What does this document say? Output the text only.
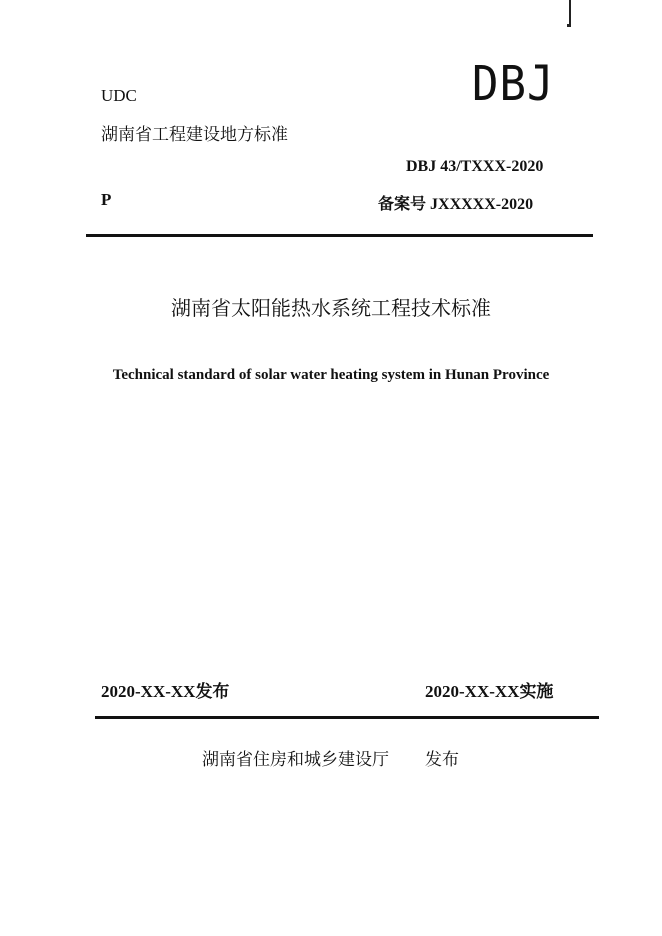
UDC	DBJ
湖南省工程建设地方标准
DBJ 43/TXXX-2020
P	备案号 JXXXXX-2020
湖南省太阳能热水系统工程技术标准
Technical standard of solar water heating system in Hunan Province
2020-XX-XX发布	2020-XX-XX实施
湖南省住房和城乡建设厅 发布
